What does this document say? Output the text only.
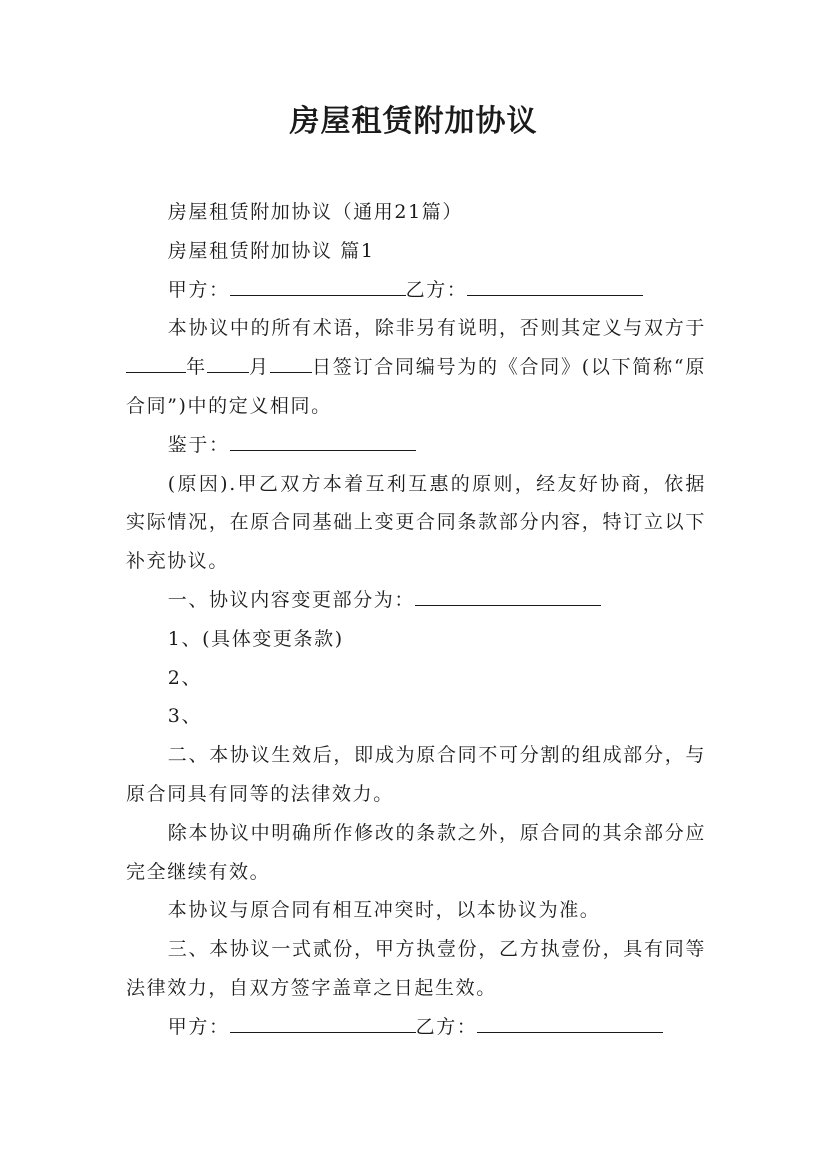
房屋租赁附加协议

房屋租赁附加协议（通用21篇）

房屋租赁附加协议 篇1

甲方：	乙方：

本协议中的所有术语，除非另有说明，否则其定义与双方于年 月 日签订合同编号为的《合同》(以下简称“原合同”)中的定义相同。

鉴于：

(原因).甲乙双方本着互利互惠的原则，经友好协商，依据实际情况，在原合同基础上变更合同条款部分内容，特订立以下补充协议。

一、协议内容变更部分为：

1、(具体变更条款)

2、

3、

二、本协议生效后，即成为原合同不可分割的组成部分，与原合同具有同等的法律效力。

除本协议中明确所作修改的条款之外，原合同的其余部分应完全继续有效。

本协议与原合同有相互冲突时，以本协议为准。

三、本协议一式贰份，甲方执壹份，乙方执壹份，具有同等法律效力，自双方签字盖章之日起生效。

甲方：	乙方：
